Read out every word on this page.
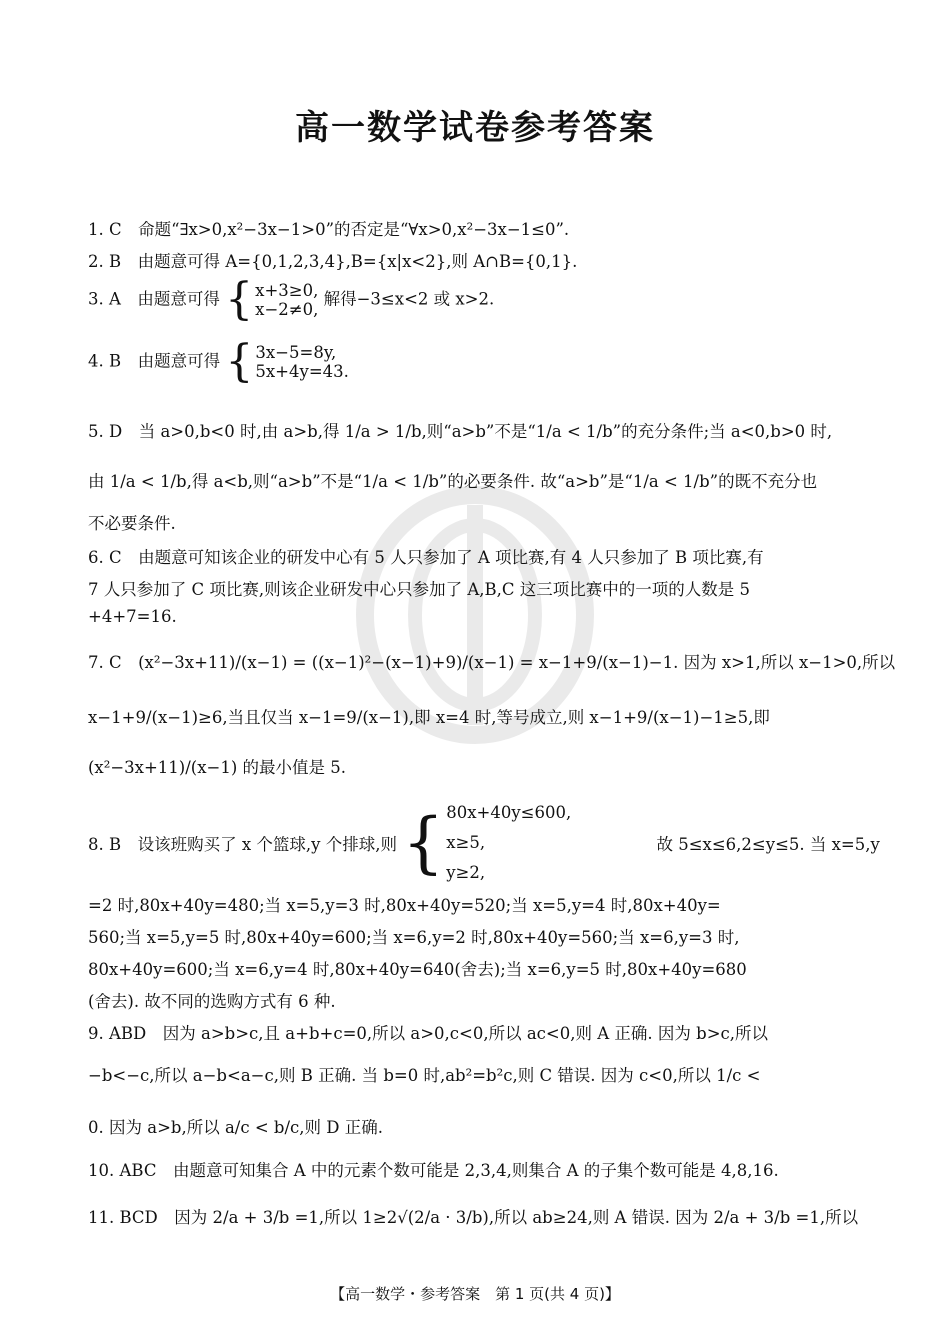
高一数学试卷参考答案
1. C　命题“∃x>0,x²−3x−1>0”的否定是“∀x>0,x²−3x−1≤0”.
2. B　由题意可得 A={0,1,2,3,4},B={x|x<2},则 A∩B={0,1}.
3. A　由题意可得 { x+3≥0,
x−2≠0,
解得−3≤x<2 或 x>2.
4. B　由题意可得 { 3x−5=8y,
5x+4y=43.
5. D　当 a>0,b<0 时,由 a>b,得 1/a > 1/b,则“a>b”不是“1/a < 1/b”的充分条件;当 a<0,b>0 时,
由 1/a < 1/b,得 a<b,则“a>b”不是“1/a < 1/b”的必要条件. 故“a>b”是“1/a < 1/b”的既不充分也
不必要条件.
6. C　由题意可知该企业的研发中心有 5 人只参加了 A 项比赛,有 4 人只参加了 B 项比赛,有
7 人只参加了 C 项比赛,则该企业研发中心只参加了 A,B,C 这三项比赛中的一项的人数是 5
+4+7=16.
7. C　(x²−3x+11)/(x−1) = ((x−1)²−(x−1)+9)/(x−1) = x−1+9/(x−1)−1. 因为 x>1,所以 x−1>0,所以
x−1+9/(x−1)≥6,当且仅当 x−1=9/(x−1),即 x=4 时,等号成立,则 x−1+9/(x−1)−1≥5,即
(x²−3x+11)/(x−1) 的最小值是 5.
8. B　设该班购买了 x 个篮球,y 个排球,则 { 80x+40y≤600,
x≥5,
y≥2,
故 5≤x≤6,2≤y≤5. 当 x=5,y
=2 时,80x+40y=480;当 x=5,y=3 时,80x+40y=520;当 x=5,y=4 时,80x+40y=
560;当 x=5,y=5 时,80x+40y=600;当 x=6,y=2 时,80x+40y=560;当 x=6,y=3 时,
80x+40y=600;当 x=6,y=4 时,80x+40y=640(舍去);当 x=6,y=5 时,80x+40y=680
(舍去). 故不同的选购方式有 6 种.
9. ABD　因为 a>b>c,且 a+b+c=0,所以 a>0,c<0,所以 ac<0,则 A 正确. 因为 b>c,所以
−b<−c,所以 a−b<a−c,则 B 正确. 当 b=0 时,ab²=b²c,则 C 错误. 因为 c<0,所以 1/c <
0. 因为 a>b,所以 a/c < b/c,则 D 正确.
10. ABC　由题意可知集合 A 中的元素个数可能是 2,3,4,则集合 A 的子集个数可能是 4,8,16.
11. BCD　因为 2/a + 3/b =1,所以 1≥2√(2/a · 3/b),所以 ab≥24,则 A 错误. 因为 2/a + 3/b =1,所以
【高一数学・参考答案　第 1 页(共 4 页)】
